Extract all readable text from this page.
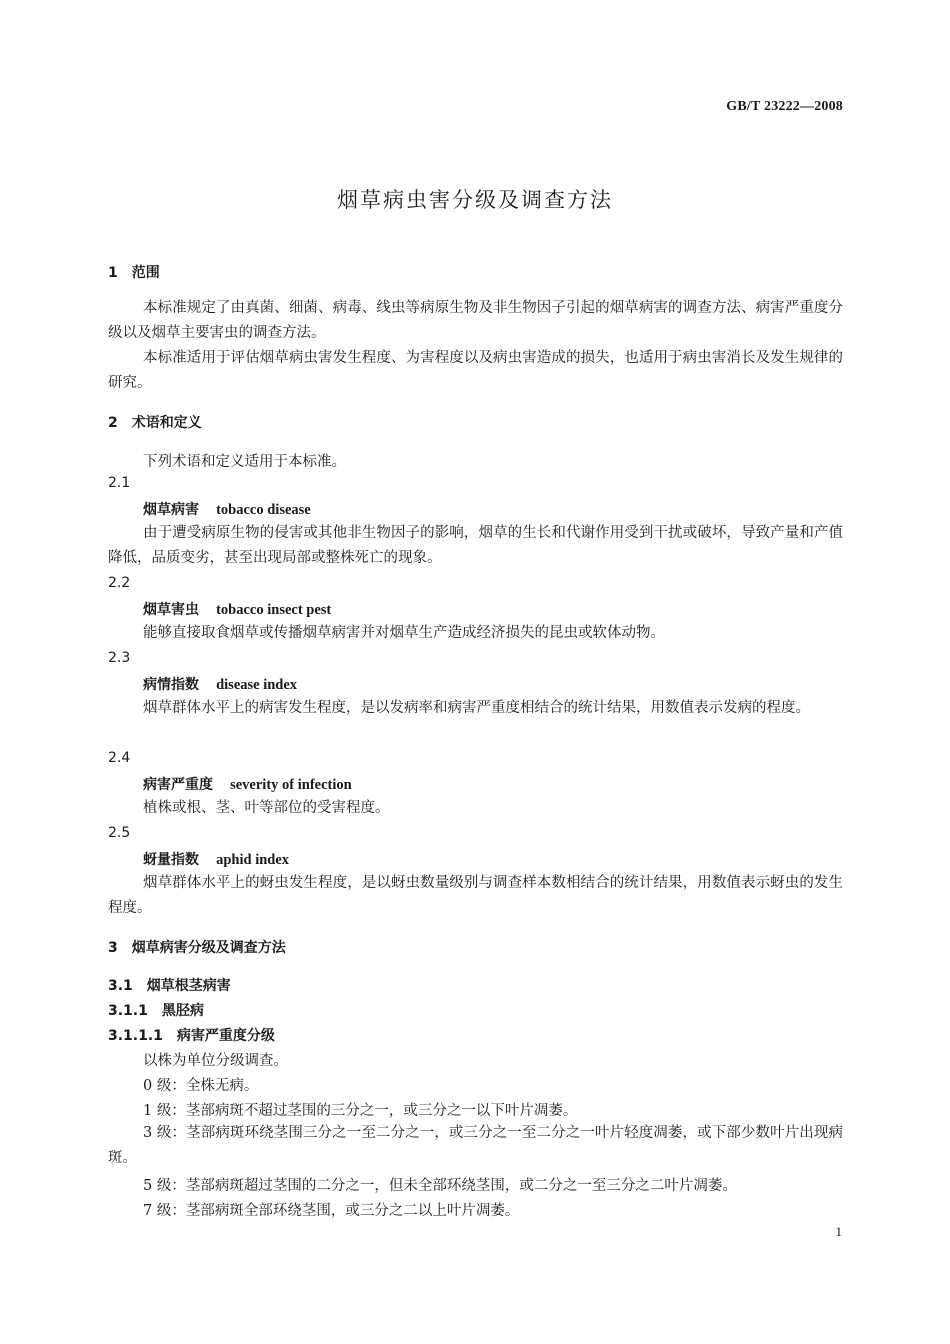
GB/T 23222—2008
烟草病虫害分级及调查方法
1　范围
本标准规定了由真菌、细菌、病毒、线虫等病原生物及非生物因子引起的烟草病害的调查方法、病害严重度分级以及烟草主要害虫的调查方法。
本标准适用于评估烟草病虫害发生程度、为害程度以及病虫害造成的损失，也适用于病虫害消长及发生规律的研究。
2　术语和定义
下列术语和定义适用于本标准。
2.1
烟草病害 tobacco disease
由于遭受病原生物的侵害或其他非生物因子的影响，烟草的生长和代谢作用受到干扰或破坏，导致产量和产值降低，品质变劣，甚至出现局部或整株死亡的现象。
2.2
烟草害虫 tobacco insect pest
能够直接取食烟草或传播烟草病害并对烟草生产造成经济损失的昆虫或软体动物。
2.3
病情指数 disease index
烟草群体水平上的病害发生程度，是以发病率和病害严重度相结合的统计结果，用数值表示发病的程度。
2.4
病害严重度 severity of infection
植株或根、茎、叶等部位的受害程度。
2.5
蚜量指数 aphid index
烟草群体水平上的蚜虫发生程度，是以蚜虫数量级别与调查样本数相结合的统计结果，用数值表示蚜虫的发生程度。
3　烟草病害分级及调查方法
3.1　烟草根茎病害
3.1.1　黑胫病
3.1.1.1　病害严重度分级
以株为单位分级调查。
0 级：全株无病。
1 级：茎部病斑不超过茎围的三分之一，或三分之一以下叶片凋萎。
3 级：茎部病斑环绕茎围三分之一至二分之一，或三分之一至二分之一叶片轻度凋萎，或下部少数叶片出现病斑。
5 级：茎部病斑超过茎围的二分之一，但未全部环绕茎围，或二分之一至三分之二叶片凋萎。
7 级：茎部病斑全部环绕茎围，或三分之二以上叶片凋萎。
1
